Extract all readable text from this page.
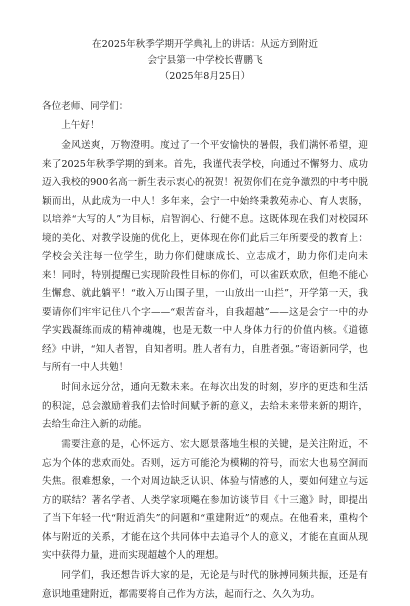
在2025年秋季学期开学典礼上的讲话：从远方到附近
会宁县第一中学校长曹鹏飞
（2025年8月25日）
各位老师、同学们：

上午好！

金风送爽，万物澄明。度过了一个平安愉快的暑假，我们满怀希望，迎来了2025年秋季学期的到来。首先，我谨代表学校，向通过不懈努力、成功迈入我校的900名高一新生表示衷心的祝贺！祝贺你们在竞争激烈的中考中脱颖而出，从此成为一中人！多年来，会宁一中始终秉教苑赤心、育人衷肠，以培养“大写的人”为目标，启智润心、行健不息。这既体现在我们对校园环境的美化、对教学设施的优化上，更体现在你们此后三年所要受的教育上：学校会关注每一位学生，助力你们健康成长、立志成才，助力你们走向未来！同时，特别提醒已实现阶段性目标的你们，可以雀跃欢欣，但绝不能心生懈怠、就此躺平！“敢入万山围子里，一山放出一山拦”，开学第一天，我要请你们牢牢记住八个字——“艰苦奋斗，自我超越”——这是会宁一中的办学实践凝练而成的精神魂魄，也是无数一中人身体力行的价值内核。《道德经》中讲，“知人者智，自知者明。胜人者有力，自胜者强。”寄语新同学，也与所有一中人共勉！

时间永远分岔，通向无数未来。在每次出发的时刻，岁序的更迭和生活的积淀，总会激励着我们去恰时间赋予新的意义，去给未来带来新的期许，去给生命注入新的动能。

需要注意的是，心怀远方、宏大愿景落地生根的关键，是关注附近，不忘为个体的悲欢而处。否则，远方可能沦为模糊的符号，而宏大也易空洞而失焦。很难想象，一个对周边缺乏认识、体验与情感的人，要如何建立与远方的联结？著名学者、人类学家项飚在参加访谈节目《十三邀》时，即提出了当下年轻一代“附近消失”的问题和“重建附近”的观点。在他看来，重构个体与附近的关系，才能在这个共同体中去追寻个人的意义，才能在直面从现实中获得力量，进而实现超越个人的理想。

同学们，我还想告诉大家的是，无论是与时代的脉搏同频共振，还是有意识地重建附近，都需要将自己作为方法，起而行之、久久为功。
